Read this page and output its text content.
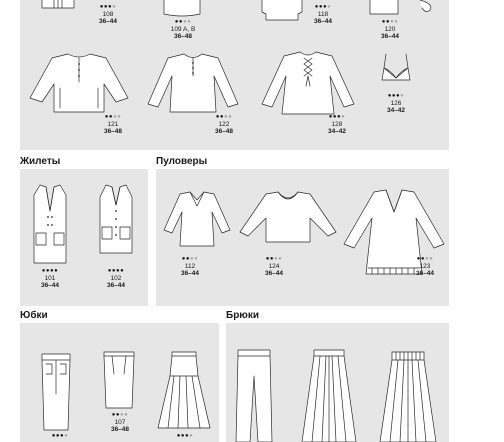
Жилеты	Пуловеры
Юбки	Брюки
●●●●
108
36–44	●●●●
109 A, B
36–48
●●●●
118
36–44	●●●●
120
36–44
●●●●
121
36–48
●●●●
122
36–48
●●●●
128
34–42
●●●●
126
34–42
●●●●
101
36–44
●●●●
102
36–44
●●●●
112
36–44
●●●●
124
36–44
●●●●
123
36–44
●●●●
107
36–48
●●●●	●●●●
